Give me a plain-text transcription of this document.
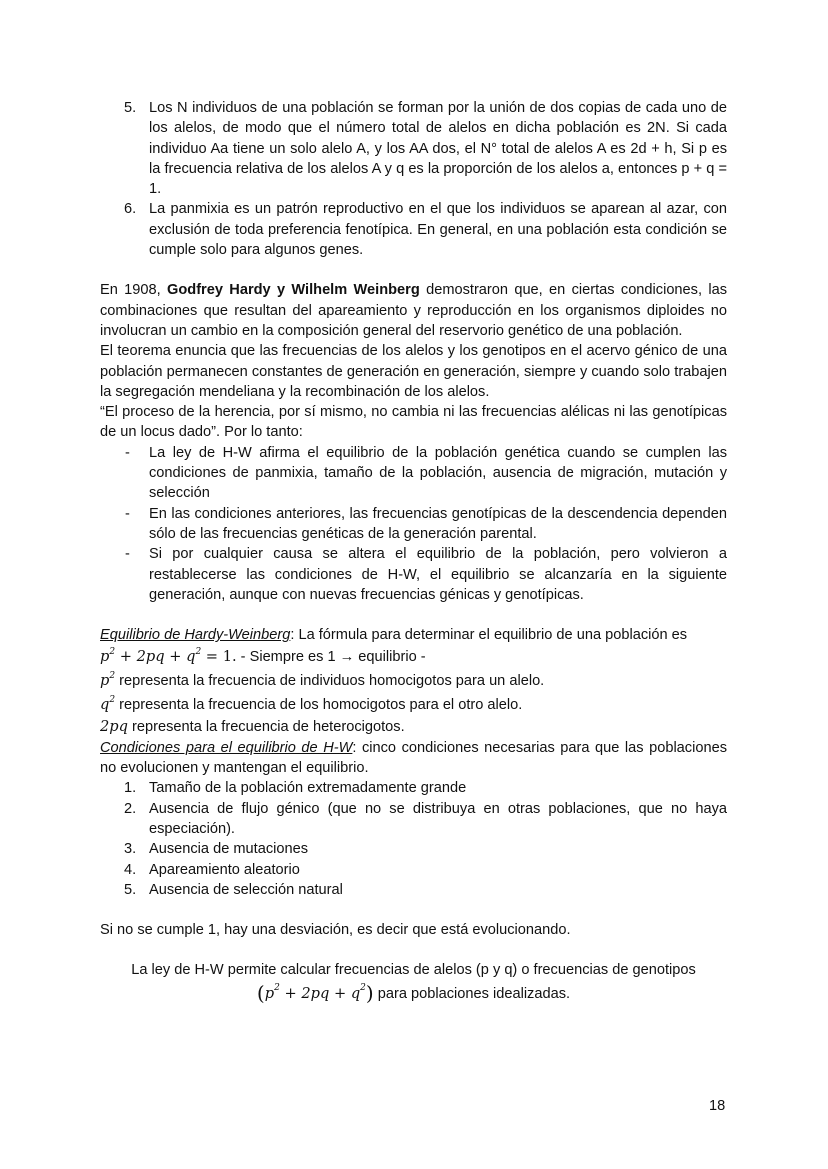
5. Los N individuos de una población se forman por la unión de dos copias de cada uno de los alelos, de modo que el número total de alelos en dicha población es 2N. Si cada individuo Aa tiene un solo alelo A, y los AA dos, el N° total de alelos A es 2d + h, Si p es la frecuencia relativa de los alelos A y q es la proporción de los alelos a, entonces p + q = 1.
6. La panmixia es un patrón reproductivo en el que los individuos se aparean al azar, con exclusión de toda preferencia fenotípica. En general, en una población esta condición se cumple solo para algunos genes.

En 1908, Godfrey Hardy y Wilhelm Weinberg demostraron que, en ciertas condiciones, las combinaciones que resultan del apareamiento y reproducción en los organismos diploides no involucran un cambio en la composición general del reservorio genético de una población.

El teorema enuncia que las frecuencias de los alelos y los genotipos en el acervo génico de una población permanecen constantes de generación en generación, siempre y cuando solo trabajen la segregación mendeliana y la recombinación de los alelos.

“El proceso de la herencia, por sí mismo, no cambia ni las frecuencias alélicas ni las genotípicas de un locus dado”. Por lo tanto:

- La ley de H-W afirma el equilibrio de la población genética cuando se cumplen las condiciones de panmixia, tamaño de la población, ausencia de migración, mutación y selección
- En las condiciones anteriores, las frecuencias genotípicas de la descendencia dependen sólo de las frecuencias genéticas de la generación parental.
- Si por cualquier causa se altera el equilibrio de la población, pero volvieron a restablecerse las condiciones de H-W, el equilibrio se alcanzaría en la siguiente generación, aunque con nuevas frecuencias génicas y genotípicas.

Equilibrio de Hardy-Weinberg: La fórmula para determinar el equilibrio de una población es

$p^2 + 2pq + q^2 = 1$. - Siempre es 1 → equilibrio -

$p^2$ representa la frecuencia de individuos homocigotos para un alelo.

$q^2$ representa la frecuencia de los homocigotos para el otro alelo.

2pq representa la frecuencia de heterocigotos.

Condiciones para el equilibrio de H-W: cinco condiciones necesarias para que las poblaciones no evolucionen y mantengan el equilibrio.

1. Tamaño de la población extremadamente grande
2. Ausencia de flujo génico (que no se distribuya en otras poblaciones, que no haya especiación).
3. Ausencia de mutaciones
4. Apareamiento aleatorio
5. Ausencia de selección natural

Si no se cumple 1, hay una desviación, es decir que está evolucionando.

La ley de H-W permite calcular frecuencias de alelos (p y q) o frecuencias de genotipos

$(p^2 + 2pq + q^2)$ para poblaciones idealizadas.

18
